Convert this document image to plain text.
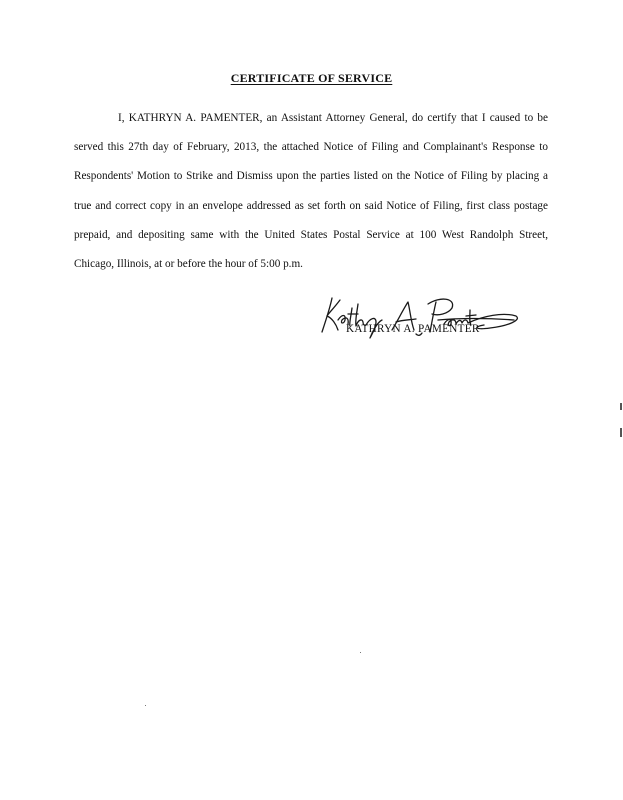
CERTIFICATE OF SERVICE
I, KATHRYN A. PAMENTER, an Assistant Attorney General, do certify that I caused to be served this 27th day of February, 2013, the attached Notice of Filing and Complainant's Response to Respondents' Motion to Strike and Dismiss upon the parties listed on the Notice of Filing by placing a true and correct copy in an envelope addressed as set forth on said Notice of Filing, first class postage prepaid, and depositing same with the United States Postal Service at 100 West Randolph Street, Chicago, Illinois, at or before the hour of 5:00 p.m.
KATHRYN A. PAMENTER
